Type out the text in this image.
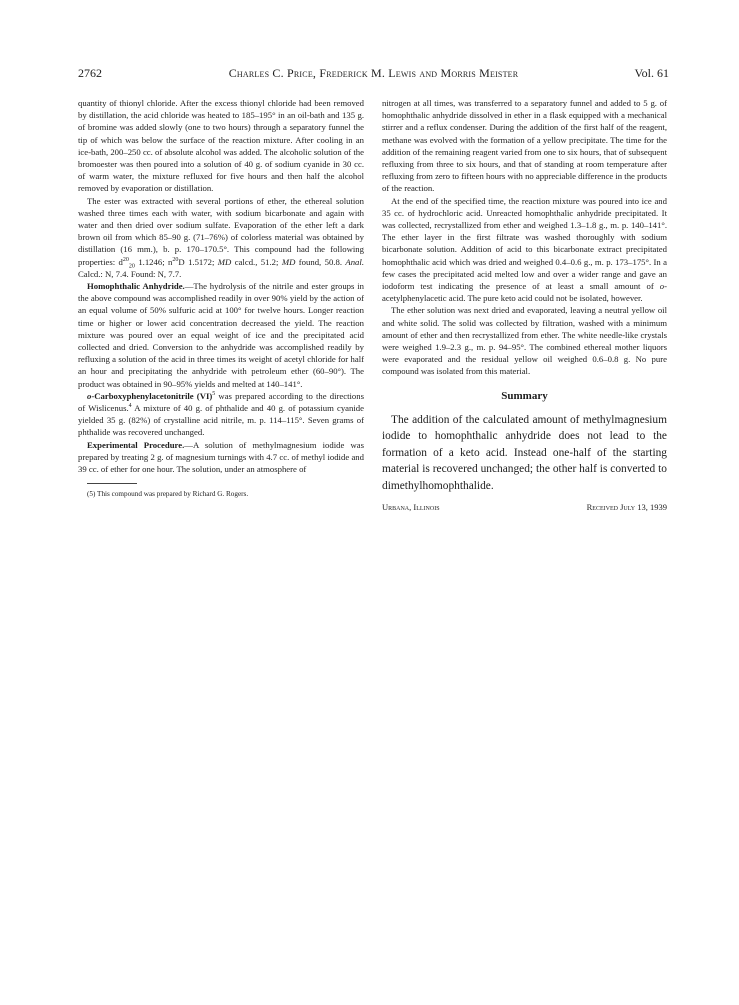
2762	Charles C. Price, Frederick M. Lewis and Morris Meister	Vol. 61

quantity of thionyl chloride. After the excess thionyl chloride had been removed by distillation, the acid chloride was heated to 185–195° in an oil-bath and 135 g. of bromine was added slowly (one to two hours) through a separatory funnel the tip of which was below the surface of the reaction mixture. After cooling in an ice-bath, 200–250 cc. of absolute alcohol was added. The alcoholic solution of the bromoester was then poured into a solution of 40 g. of sodium cyanide in 30 cc. of warm water, the mixture refluxed for five hours and then half the alcohol removed by evaporation or distillation.

The ester was extracted with several portions of ether, the ethereal solution washed three times each with water, with sodium bicarbonate and again with water and then dried over sodium sulfate. Evaporation of the ether left a dark brown oil from which 85–90 g. (71–76%) of colorless material was obtained by distillation (16 mm.), b. p. 170–170.5°. This compound had the following properties: $d^{20}_{20}$ 1.1246; $n^{20}D$ 1.5172; MD calcd., 51.2; MD found, 50.8. Anal. Calcd.: N, 7.4. Found: N, 7.7.

Homophthalic Anhydride.—The hydrolysis of the nitrile and ester groups in the above compound was accomplished readily in over 90% yield by the action of an equal volume of 50% sulfuric acid at 100° for twelve hours. Longer reaction time or higher or lower acid concentration decreased the yield. The reaction mixture was poured over an equal weight of ice and the precipitated acid collected and dried. Conversion to the anhydride was accomplished readily by refluxing a solution of the acid in three times its weight of acetyl chloride for half an hour and precipitating the anhydride with petroleum ether (60–90°). The product was obtained in 90–95% yields and melted at 140–141°.

o-Carboxyphenylacetonitrile (VI)$^5$ was prepared according to the directions of Wislicenus.$^4$ A mixture of 40 g. of phthalide and 40 g. of potassium cyanide yielded 35 g. (82%) of crystalline acid nitrile, m. p. 114–115°. Seven grams of phthalide was recovered unchanged.

Experimental Procedure.—A solution of methylmagnesium iodide was prepared by treating 2 g. of magnesium turnings with 4.7 cc. of methyl iodide and 39 cc. of ether for one hour. The solution, under an atmosphere of

(5) This compound was prepared by Richard G. Rogers.

nitrogen at all times, was transferred to a separatory funnel and added to 5 g. of homophthalic anhydride dissolved in ether in a flask equipped with a mechanical stirrer and a reflux condenser. During the addition of the first half of the reagent, methane was evolved with the formation of a yellow precipitate. The time for the addition of the remaining reagent varied from one to six hours, that of subsequent refluxing from three to six hours, and that of standing at room temperature after refluxing from zero to fifteen hours with no appreciable difference in the products of the reaction.

At the end of the specified time, the reaction mixture was poured into ice and 35 cc. of hydrochloric acid. Unreacted homophthalic anhydride precipitated. It was collected, recrystallized from ether and weighed 1.3–1.8 g., m. p. 140–141°. The ether layer in the first filtrate was washed thoroughly with sodium bicarbonate solution. Addition of acid to this bicarbonate extract precipitated homophthalic acid which was dried and weighed 0.4–0.6 g., m. p. 173–175°. In a few cases the precipitated acid melted low and over a wider range and gave an iodoform test indicating the presence of at least a small amount of o-acetylphenylacetic acid. The pure keto acid could not be isolated, however.

The ether solution was next dried and evaporated, leaving a neutral yellow oil and white solid. The solid was collected by filtration, washed with a minimum amount of ether and then recrystallized from ether. The white needle-like crystals were weighed 1.9–2.3 g., m. p. 94–95°. The combined ethereal mother liquors were evaporated and the residual yellow oil weighed 0.6–0.8 g. No pure compound was isolated from this material.

Summary

The addition of the calculated amount of methylmagnesium iodide to homophthalic anhydride does not lead to the formation of a keto acid. Instead one-half of the starting material is recovered unchanged; the other half is converted to dimethylhomophthalide.

Urbana, Illinois	Received July 13, 1939
